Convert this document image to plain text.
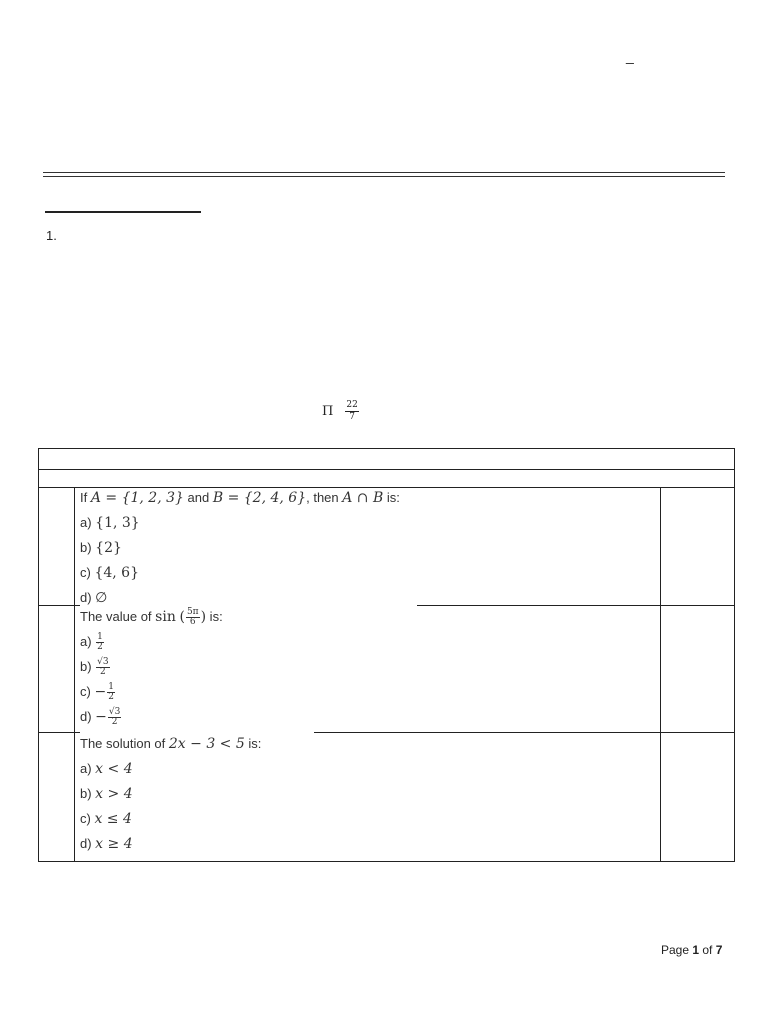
_
1.
Π $\frac{22}{7}$
If A = {1, 2, 3} and B = {2, 4, 6}, then A ∩ B is:
a) {1, 3}
b) {2}
c) {4, 6}
d) ∅
The value of sin ( $\frac{5\pi}{6}$ ) is:
$a) \frac{1}{2}$
$b) \frac{√3}{2}$
$c) - \frac{1}{2}$
$d) - \frac{√3}{2}$
The solution of 2x − 3 < 5 is:
a) x < 4
b) x > 4
c) x ≤ 4
d) x ≥ 4
Page 1 of 7
